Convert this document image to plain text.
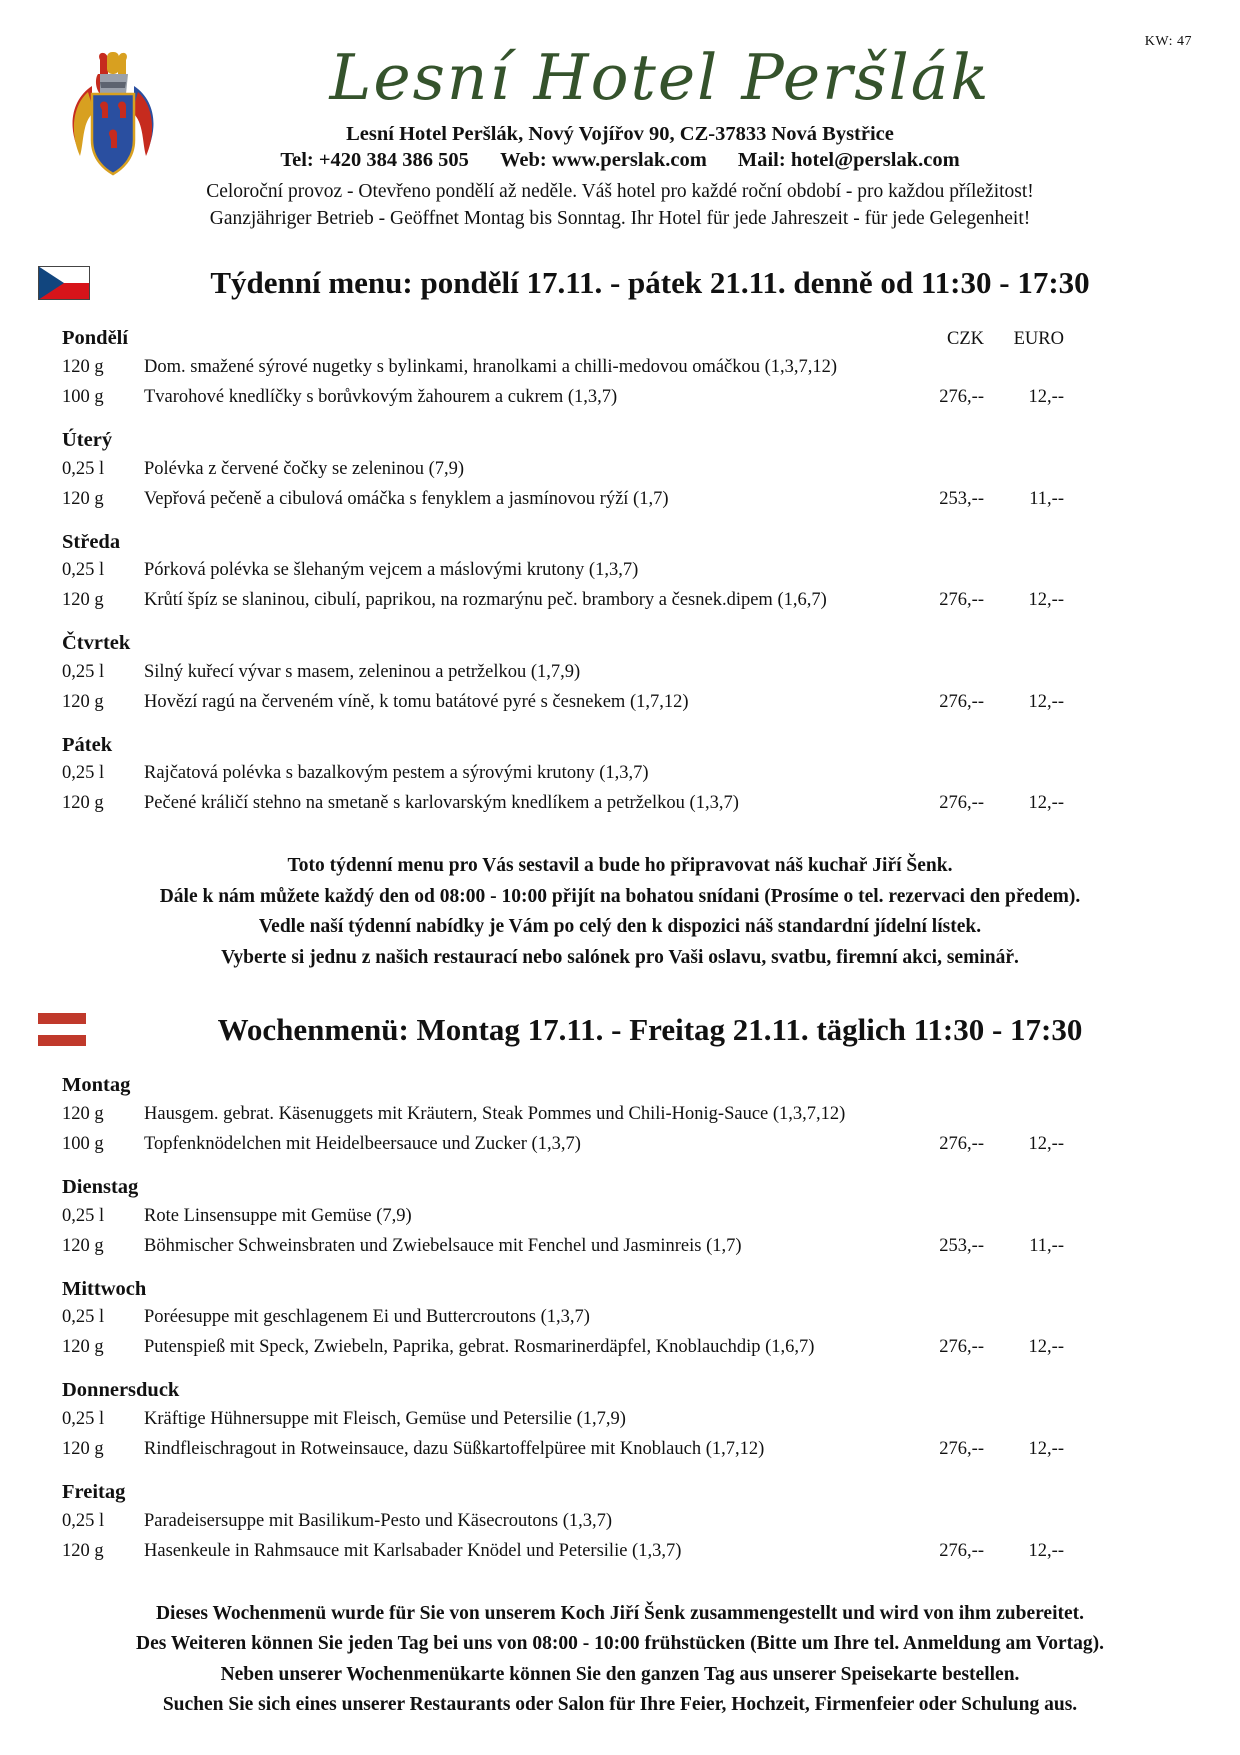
KW: 47
Lesní Hotel Peršlák
Lesní Hotel Peršlák, Nový Vojířov 90, CZ-37833 Nová Bystřice
Tel: +420 384 386 505 Web: www.perslak.com Mail: hotel@perslak.com
Celoroční provoz - Otevřeno pondělí až neděle. Váš hotel pro každé roční období - pro každou příležitost!
Ganzjähriger Betrieb - Geöffnet Montag bis Sonntag. Ihr Hotel für jede Jahreszeit - für jede Gelegenheit!
Týdenní menu: pondělí 17.11. - pátek 21.11. denně od 11:30 - 17:30
Pondělí	CZK	EURO
120 g	Dom. smažené sýrové nugetky s bylinkami, hranolkami a chilli-medovou omáčkou (1,3,7,12)
100 g	Tvarohové knedlíčky s borůvkovým žahourem a cukrem (1,3,7)	276,--	12,--
Úterý
0,25 l	Polévka z červené čočky se zeleninou (7,9)
120 g	Vepřová pečeně a cibulová omáčka s fenyklem a jasmínovou rýží (1,7)	253,--	11,--
Středa
0,25 l	Pórková polévka se šlehaným vejcem a máslovými krutony (1,3,7)
120 g	Krůtí špíz se slaninou, cibulí, paprikou, na rozmarýnu peč. brambory a česnek.dipem (1,6,7)	276,--	12,--
Čtvrtek
0,25 l	Silný kuřecí vývar s masem, zeleninou a petrželkou (1,7,9)
120 g	Hovězí ragú na červeném víně, k tomu batátové pyré s česnekem (1,7,12)	276,--	12,--
Pátek
0,25 l	Rajčatová polévka s bazalkovým pestem a sýrovými krutony (1,3,7)
120 g	Pečené králičí stehno na smetaně s karlovarským knedlíkem a petrželkou (1,3,7)	276,--	12,--
Toto týdenní menu pro Vás sestavil a bude ho připravovat náš kuchař Jiří Šenk.
Dále k nám můžete každý den od 08:00 - 10:00 přijít na bohatou snídani (Prosíme o tel. rezervaci den předem).
Vedle naší týdenní nabídky je Vám po celý den k dispozici náš standardní jídelní lístek.
Vyberte si jednu z našich restaurací nebo salónek pro Vaši oslavu, svatbu, firemní akci, seminář.
Wochenmenü: Montag 17.11. - Freitag 21.11. täglich 11:30 - 17:30
Montag
120 g	Hausgem. gebrat. Käsenuggets mit Kräutern, Steak Pommes und Chili-Honig-Sauce (1,3,7,12)
100 g	Topfenknödelchen mit Heidelbeersauce und Zucker (1,3,7)	276,--	12,--
Dienstag
0,25 l	Rote Linsensuppe mit Gemüse (7,9)
120 g	Böhmischer Schweinsbraten und Zwiebelsauce mit Fenchel und Jasminreis (1,7)	253,--	11,--
Mittwoch
0,25 l	Poréesuppe mit geschlagenem Ei und Buttercroutons (1,3,7)
120 g	Putenspieß mit Speck, Zwiebeln, Paprika, gebrat. Rosmarinerdäpfel, Knoblauchdip (1,6,7)	276,--	12,--
Donnersduck
0,25 l	Kräftige Hühnersuppe mit Fleisch, Gemüse und Petersilie (1,7,9)
120 g	Rindfleischragout in Rotweinsauce, dazu Süßkartoffelpüree mit Knoblauch (1,7,12)	276,--	12,--
Freitag
0,25 l	Paradeisersuppe mit Basilikum-Pesto und Käsecroutons (1,3,7)
120 g	Hasenkeule in Rahmsauce mit Karlsabader Knödel und Petersilie (1,3,7)	276,--	12,--
Dieses Wochenmenü wurde für Sie von unserem Koch Jiří Šenk zusammengestellt und wird von ihm zubereitet.
Des Weiteren können Sie jeden Tag bei uns von 08:00 - 10:00 frühstücken (Bitte um Ihre tel. Anmeldung am Vortag).
Neben unserer Wochenmenükarte können Sie den ganzen Tag aus unserer Speisekarte bestellen.
Suchen Sie sich eines unserer Restaurants oder Salon für Ihre Feier, Hochzeit, Firmenfeier oder Schulung aus.
